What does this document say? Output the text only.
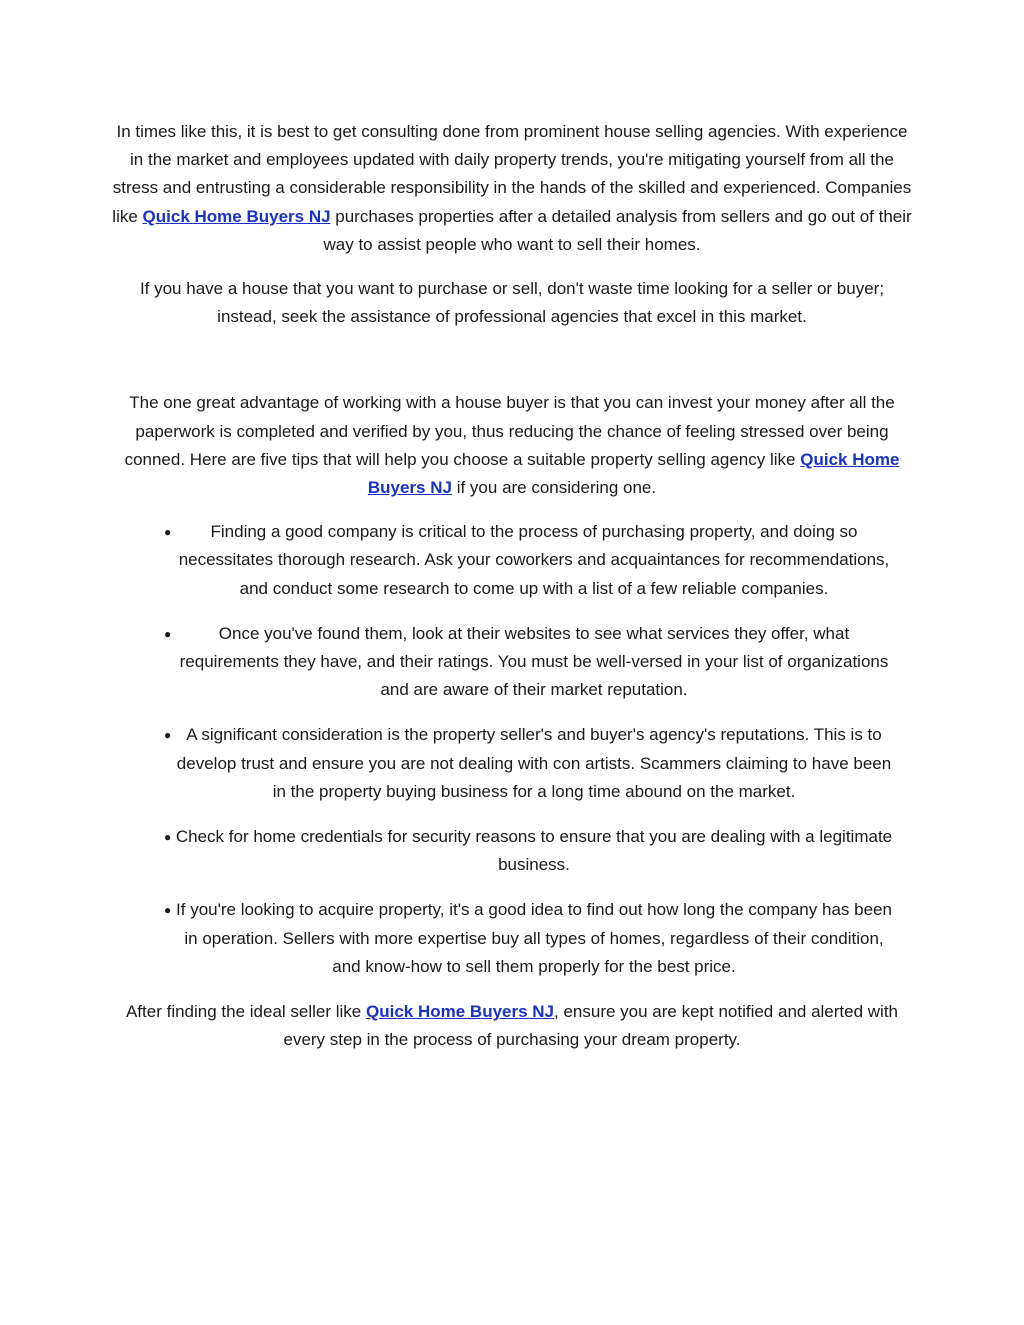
In times like this, it is best to get consulting done from prominent house selling agencies. With experience in the market and employees updated with daily property trends, you're mitigating yourself from all the stress and entrusting a considerable responsibility in the hands of the skilled and experienced. Companies like Quick Home Buyers NJ purchases properties after a detailed analysis from sellers and go out of their way to assist people who want to sell their homes.

If you have a house that you want to purchase or sell, don't waste time looking for a seller or buyer; instead, seek the assistance of professional agencies that excel in this market.

The one great advantage of working with a house buyer is that you can invest your money after all the paperwork is completed and verified by you, thus reducing the chance of feeling stressed over being conned. Here are five tips that will help you choose a suitable property selling agency like Quick Home Buyers NJ if you are considering one.

● Finding a good company is critical to the process of purchasing property, and doing so necessitates thorough research. Ask your coworkers and acquaintances for recommendations, and conduct some research to come up with a list of a few reliable companies.
●	Once you've found them, look at their websites to see what services they offer, what requirements they have, and their ratings. You must be well-versed in your list of organizations and are aware of their market reputation.
● A significant consideration is the property seller's and buyer's agency's reputations. This is to develop trust and ensure you are not dealing with con artists. Scammers claiming to have been in the property buying business for a long time abound on the market.
● Check for home credentials for security reasons to ensure that you are dealing with a legitimate business.
● If you're looking to acquire property, it's a good idea to find out how long the company has been in operation. Sellers with more expertise buy all types of homes, regardless of their condition, and know-how to sell them properly for the best price.

After finding the ideal seller like Quick Home Buyers NJ, ensure you are kept notified and alerted with every step in the process of purchasing your dream property.
